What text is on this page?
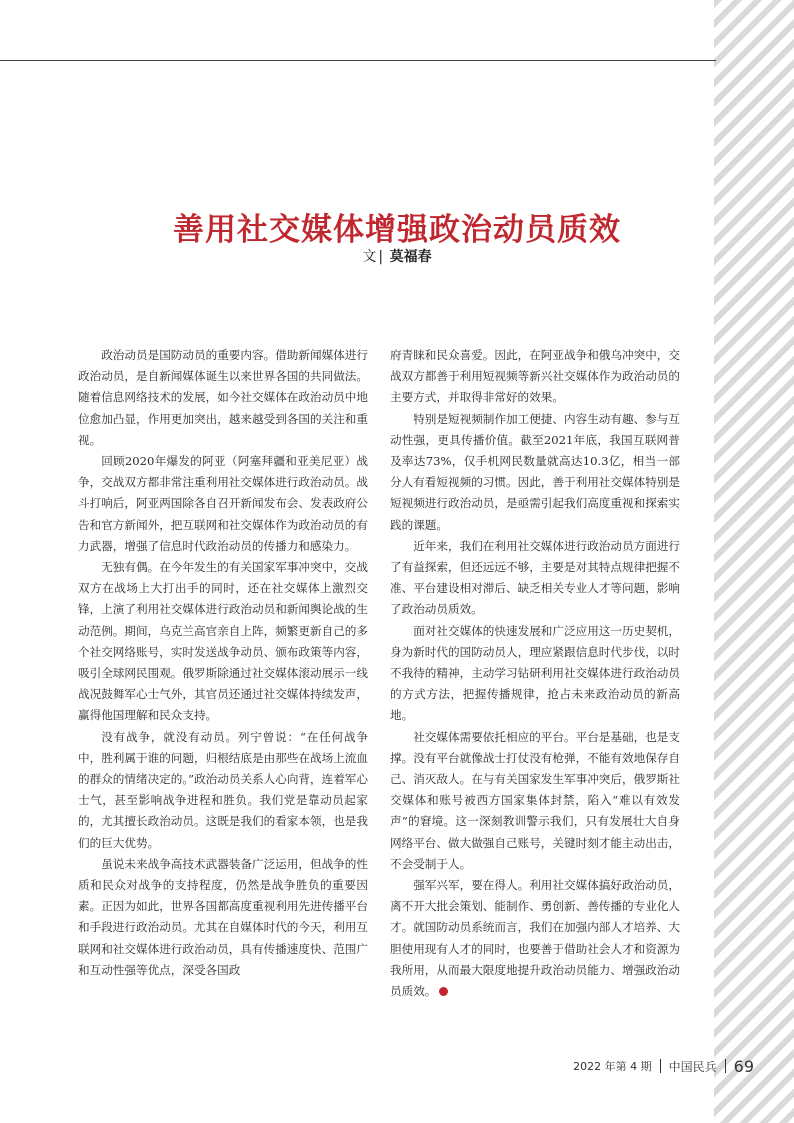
善用社交媒体增强政治动员质效
文 | 莫福春

政治动员是国防动员的重要内容。借助新闻媒体进行政治动员，是自新闻媒体诞生以来世界各国的共同做法。随着信息网络技术的发展，如今社交媒体在政治动员中地位愈加凸显，作用更加突出，越来越受到各国的关注和重视。

回顾2020年爆发的阿亚（阿塞拜疆和亚美尼亚）战争，交战双方都非常注重利用社交媒体进行政治动员。战斗打响后，阿亚两国除各自召开新闻发布会、发表政府公告和官方新闻外，把互联网和社交媒体作为政治动员的有力武器，增强了信息时代政治动员的传播力和感染力。

无独有偶。在今年发生的有关国家军事冲突中，交战双方在战场上大打出手的同时，还在社交媒体上激烈交锋，上演了利用社交媒体进行政治动员和新闻舆论战的生动范例。期间，乌克兰高官亲自上阵，频繁更新自己的多个社交网络账号，实时发送战争动员、颁布政策等内容，吸引全球网民围观。俄罗斯除通过社交媒体滚动展示一线战况鼓舞军心士气外，其官员还通过社交媒体持续发声，赢得他国理解和民众支持。

没有战争，就没有动员。列宁曾说：“在任何战争中，胜利属于谁的问题，归根结底是由那些在战场上流血的群众的情绪决定的。”政治动员关系人心向背，连着军心士气，甚至影响战争进程和胜负。我们党是靠动员起家的，尤其擅长政治动员。这既是我们的看家本领，也是我们的巨大优势。

虽说未来战争高技术武器装备广泛运用，但战争的性质和民众对战争的支持程度，仍然是战争胜负的重要因素。正因为如此，世界各国都高度重视利用先进传播平台和手段进行政治动员。尤其在自媒体时代的今天，利用互联网和社交媒体进行政治动员，具有传播速度快、范围广和互动性强等优点，深受各国政

府青睐和民众喜爱。因此，在阿亚战争和俄乌冲突中，交战双方都善于利用短视频等新兴社交媒体作为政治动员的主要方式，并取得非常好的效果。

特别是短视频制作加工便捷、内容生动有趣、参与互动性强，更具传播价值。截至2021年底，我国互联网普及率达73%，仅手机网民数量就高达10.3亿，相当一部分人有看短视频的习惯。因此，善于利用社交媒体特别是短视频进行政治动员，是亟需引起我们高度重视和探索实践的课题。

近年来，我们在利用社交媒体进行政治动员方面进行了有益探索，但还远远不够，主要是对其特点规律把握不准、平台建设相对滞后、缺乏相关专业人才等问题，影响了政治动员质效。

面对社交媒体的快速发展和广泛应用这一历史契机，身为新时代的国防动员人，理应紧跟信息时代步伐，以时不我待的精神，主动学习钻研利用社交媒体进行政治动员的方式方法，把握传播规律，抢占未来政治动员的新高地。

社交媒体需要依托相应的平台。平台是基础，也是支撑。没有平台就像战士打仗没有枪弹，不能有效地保存自己、消灭敌人。在与有关国家发生军事冲突后，俄罗斯社交媒体和账号被西方国家集体封禁，陷入“难以有效发声”的窘境。这一深刻教训警示我们，只有发展壮大自身网络平台、做大做强自己账号，关键时刻才能主动出击，不会受制于人。

强军兴军，要在得人。利用社交媒体搞好政治动员，离不开大批会策划、能制作、勇创新、善传播的专业化人才。就国防动员系统而言，我们在加强内部人才培养、大胆使用现有人才的同时，也要善于借助社会人才和资源为我所用，从而最大限度地提升政治动员能力、增强政治动员质效。

2022 年第 4 期 中国民兵 69
